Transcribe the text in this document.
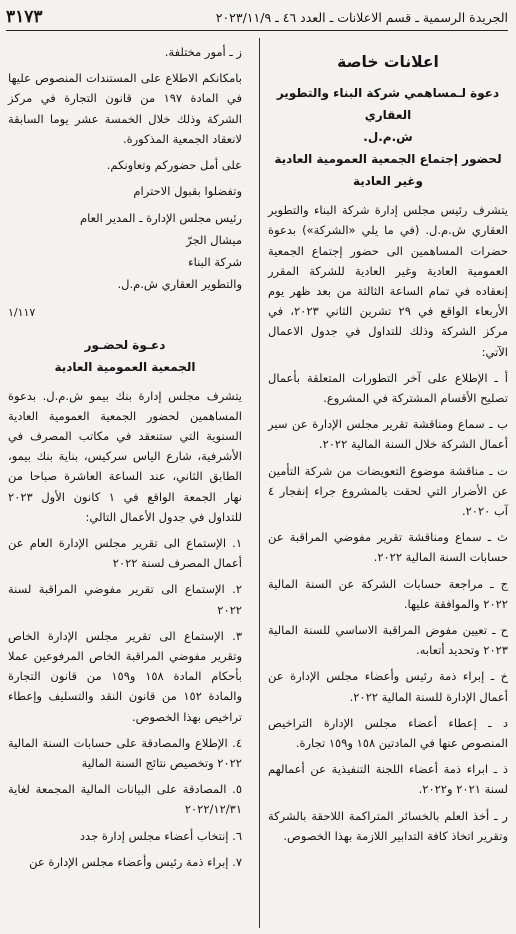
الجريدة الرسمية ـ قسم الاعلانات ـ العدد ٤٦ ـ ٢٠٢٣/١١/٩
٣١٧٣
اعلانات خاصة
دعوة لـمساهمي شركة البناء والتطوير العقاري
ش.م.ل.
لحضور إجتماع الجمعية العمومية العادية
وغير العادية

يتشرف رئيس مجلس إدارة شركة البناء والتطوير العقاري ش.م.ل. (في ما يلي «الشركة») بدعوة حضرات المساهمين الى حضور إجتماع الجمعية العمومية العادية وغير العادية للشركة المقرر إنعقاده في تمام الساعة الثالثة من بعد ظهر يوم الأربعاء الواقع في ٢٩ تشرين الثاني ٢٠٢٣، في مركز الشركة وذلك للتداول في جدول الاعمال الآتي:

أ ـ الإطلاع على آخر التطورات المتعلقة بأعمال تصليح الأقسام المشتركة في المشروع.

ب ـ سماع ومناقشة تقرير مجلس الإدارة عن سير أعمال الشركة خلال السنة المالية ٢٠٢٢.

ت ـ مناقشة موضوع التعويضات من شركة التأمين عن الأضرار التي لحقت بالمشروع جراء إنفجار ٤ آب ٢٠٢٠.

ث ـ سماع ومناقشة تقرير مفوضي المراقبة عن حسابات السنة المالية ٢٠٢٢.

ج ـ مراجعة حسابات الشركة عن السنة المالية ٢٠٢٢ والموافقة عليها.

ح ـ تعيين مفوض المراقبة الاساسي للسنة المالية ٢٠٢٣ وتحديد أتعابه.

خ ـ إبراء ذمة رئيس وأعضاء مجلس الإدارة عن أعمال الإدارة للسنة المالية ٢٠٢٢.

د ـ إعطاء أعضاء مجلس الإدارة التراخيص المنصوص عنها في المادتين ١٥٨ و١٥٩ تجارة.

ذ ـ ابراء ذمة أعضاء اللجنة التنفيذية عن أعمالهم لسنة ٢٠٢١ و٢٠٢٢.

ر ـ أخذ العلم بالخسائر المتراكمة اللاحقة بالشركة وتقرير اتخاذ كافة التدابير اللازمة بهذا الخصوص.

ز ـ أمور مختلفة.

بامكانكم الاطلاع على المستندات المنصوص عليها في المادة ١٩٧ من قانون التجارة في مركز الشركة وذلك خلال الخمسة عشر يوما السابقة لانعقاد الجمعية المذكورة.

على أمل حضوركم وتعاونكم.

وتفضلوا بقبول الاحترام

رئيس مجلس الإدارة ـ المدير العام

ميشال الجرّ

شركة البناء

والتطوير العقاري ش.م.ل.

١/١١٧
دعـوة لحضـور
الجمعية العمومية العادية

يتشرف مجلس إدارة بنك بيمو ش.م.ل. بدعوة المساهمين لحضور الجمعية العمومية العادية السنوية التي ستنعقد في مكاتب المصرف في الأشرفية، شارع الياس سركيس، بناية بنك بيمو، الطابق الثاني، عند الساعة العاشرة صباحا من نهار الجمعة الواقع في ١ كانون الأول ٢٠٢٣ للتداول في جدول الأعمال التالي:

١. الإستماع الى تقرير مجلس الإدارة العام عن أعمال المصرف لسنة ٢٠٢٢

٢. الإستماع الى تقرير مفوضي المراقبة لسنة ٢٠٢٢

٣. الإستماع الى تقرير مجلس الإدارة الخاص وتقرير مفوضي المراقبة الخاص المرفوعين عملا بأحكام المادة ١٥٨ و١٥٩ من قانون التجارة والمادة ١٥٢ من قانون النقد والتسليف وإعطاء تراخيص بهذا الخصوص.

٤. الإطلاع والمصادقة على حسابات السنة المالية ٢٠٢٢ وتخصيص نتائج السنة المالية

٥. المصادقة على البيانات المالية المجمعة لغاية ٢٠٢٢/١٢/٣١

٦. إنتخاب أعضاء مجلس إدارة جدد

٧. إبراء ذمة رئيس وأعضاء مجلس الإدارة عن
